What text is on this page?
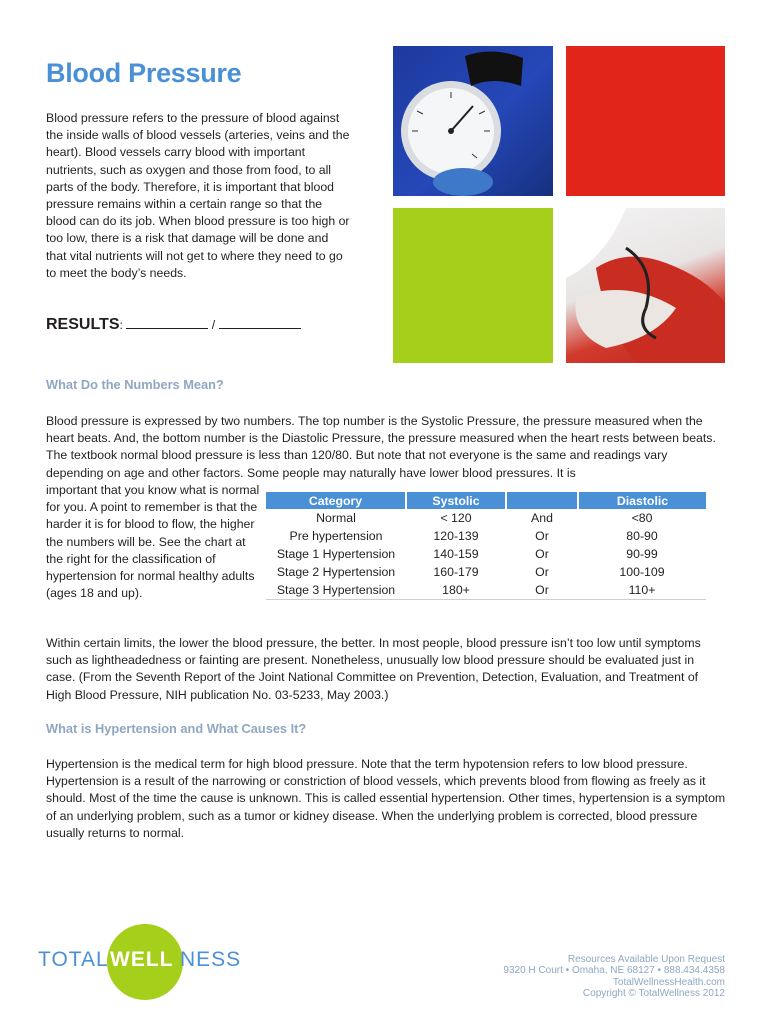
Blood Pressure
Blood pressure refers to the pressure of blood against the inside walls of blood vessels (arteries, veins and the heart). Blood vessels carry blood with important nutrients, such as oxygen and those from food, to all parts of the body. Therefore, it is important that blood pressure remains within a certain range so that the blood can do its job. When blood pressure is too high or too low, there is a risk that damage will be done and that vital nutrients will not get to where they need to go to meet the body’s needs.
RESULTS:	/
What Do the Numbers Mean?
Blood pressure is expressed by two numbers. The top number is the Systolic Pressure, the pressure measured when the heart beats. And, the bottom number is the Diastolic Pressure, the pressure measured when the heart rests between beats. The textbook normal blood pressure is less than 120/80. But note that not everyone is the same and readings vary depending on age and other factors. Some people may naturally have lower blood pressures. It is
important that you know what is normal for you. A point to remember is that the harder it is for blood to flow, the higher the numbers will be. See the chart at the right for the classification of hypertension for normal healthy adults (ages 18 and up).
Category	Systolic		Diastolic
Normal	< 120	And	<80
Pre hypertension	120-139	Or	80-90
Stage 1 Hypertension	140-159	Or	90-99
Stage 2 Hypertension	160-179	Or	100-109
Stage 3 Hypertension	180+	Or	110+
Within certain limits, the lower the blood pressure, the better. In most people, blood pressure isn’t too low until symptoms such as lightheadedness or fainting are present. Nonetheless, unusually low blood pressure should be evaluated just in case. (From the Seventh Report of the Joint National Committee on Prevention, Detection, Evaluation, and Treatment of High Blood Pressure, NIH publication No. 03-5233, May 2003.)
What is Hypertension and What Causes It?
Hypertension is the medical term for high blood pressure. Note that the term hypotension refers to low blood pressure. Hypertension is a result of the narrowing or constriction of blood vessels, which prevents blood from flowing as freely as it should. Most of the time the cause is unknown. This is called essential hypertension. Other times, hypertension is a symptom of an underlying problem, such as a tumor or kidney disease. When the underlying problem is corrected, blood pressure usually returns to normal.
TOTAL WELL NESS	Resources Available Upon Request
9320 H Court • Omaha, NE 68127 • 888.434.4358
TotalWellnessHealth.com
Copyright © TotalWellness 2012
